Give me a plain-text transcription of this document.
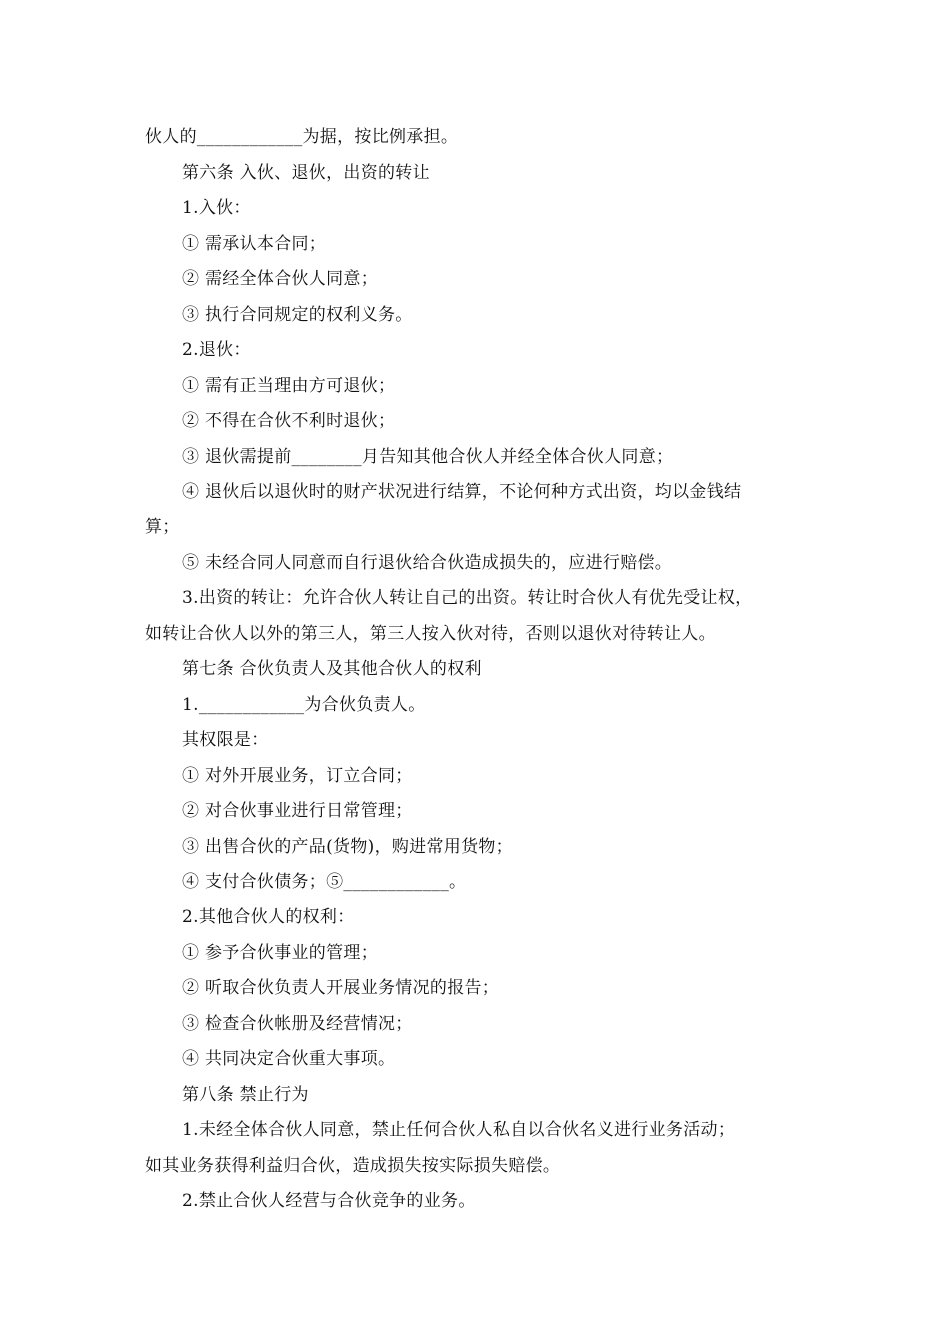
伙人的____________为据，按比例承担。
第六条 入伙、退伙，出资的转让
1.入伙：
① 需承认本合同；
② 需经全体合伙人同意；
③ 执行合同规定的权利义务。
2.退伙：
① 需有正当理由方可退伙；
② 不得在合伙不利时退伙；
③ 退伙需提前________月告知其他合伙人并经全体合伙人同意；
④ 退伙后以退伙时的财产状况进行结算，不论何种方式出资，均以金钱结
算；
⑤ 未经合同人同意而自行退伙给合伙造成损失的，应进行赔偿。
3.出资的转让：允许合伙人转让自己的出资。转让时合伙人有优先受让权，
如转让合伙人以外的第三人，第三人按入伙对待，否则以退伙对待转让人。
第七条 合伙负责人及其他合伙人的权利
1.____________为合伙负责人。
其权限是：
① 对外开展业务，订立合同；
② 对合伙事业进行日常管理；
③ 出售合伙的产品(货物)，购进常用货物；
④ 支付合伙债务；⑤____________。
2.其他合伙人的权利：
① 参予合伙事业的管理；
② 听取合伙负责人开展业务情况的报告；
③ 检查合伙帐册及经营情况；
④ 共同决定合伙重大事项。
第八条 禁止行为
1.未经全体合伙人同意，禁止任何合伙人私自以合伙名义进行业务活动；
如其业务获得利益归合伙，造成损失按实际损失赔偿。
2.禁止合伙人经营与合伙竞争的业务。
